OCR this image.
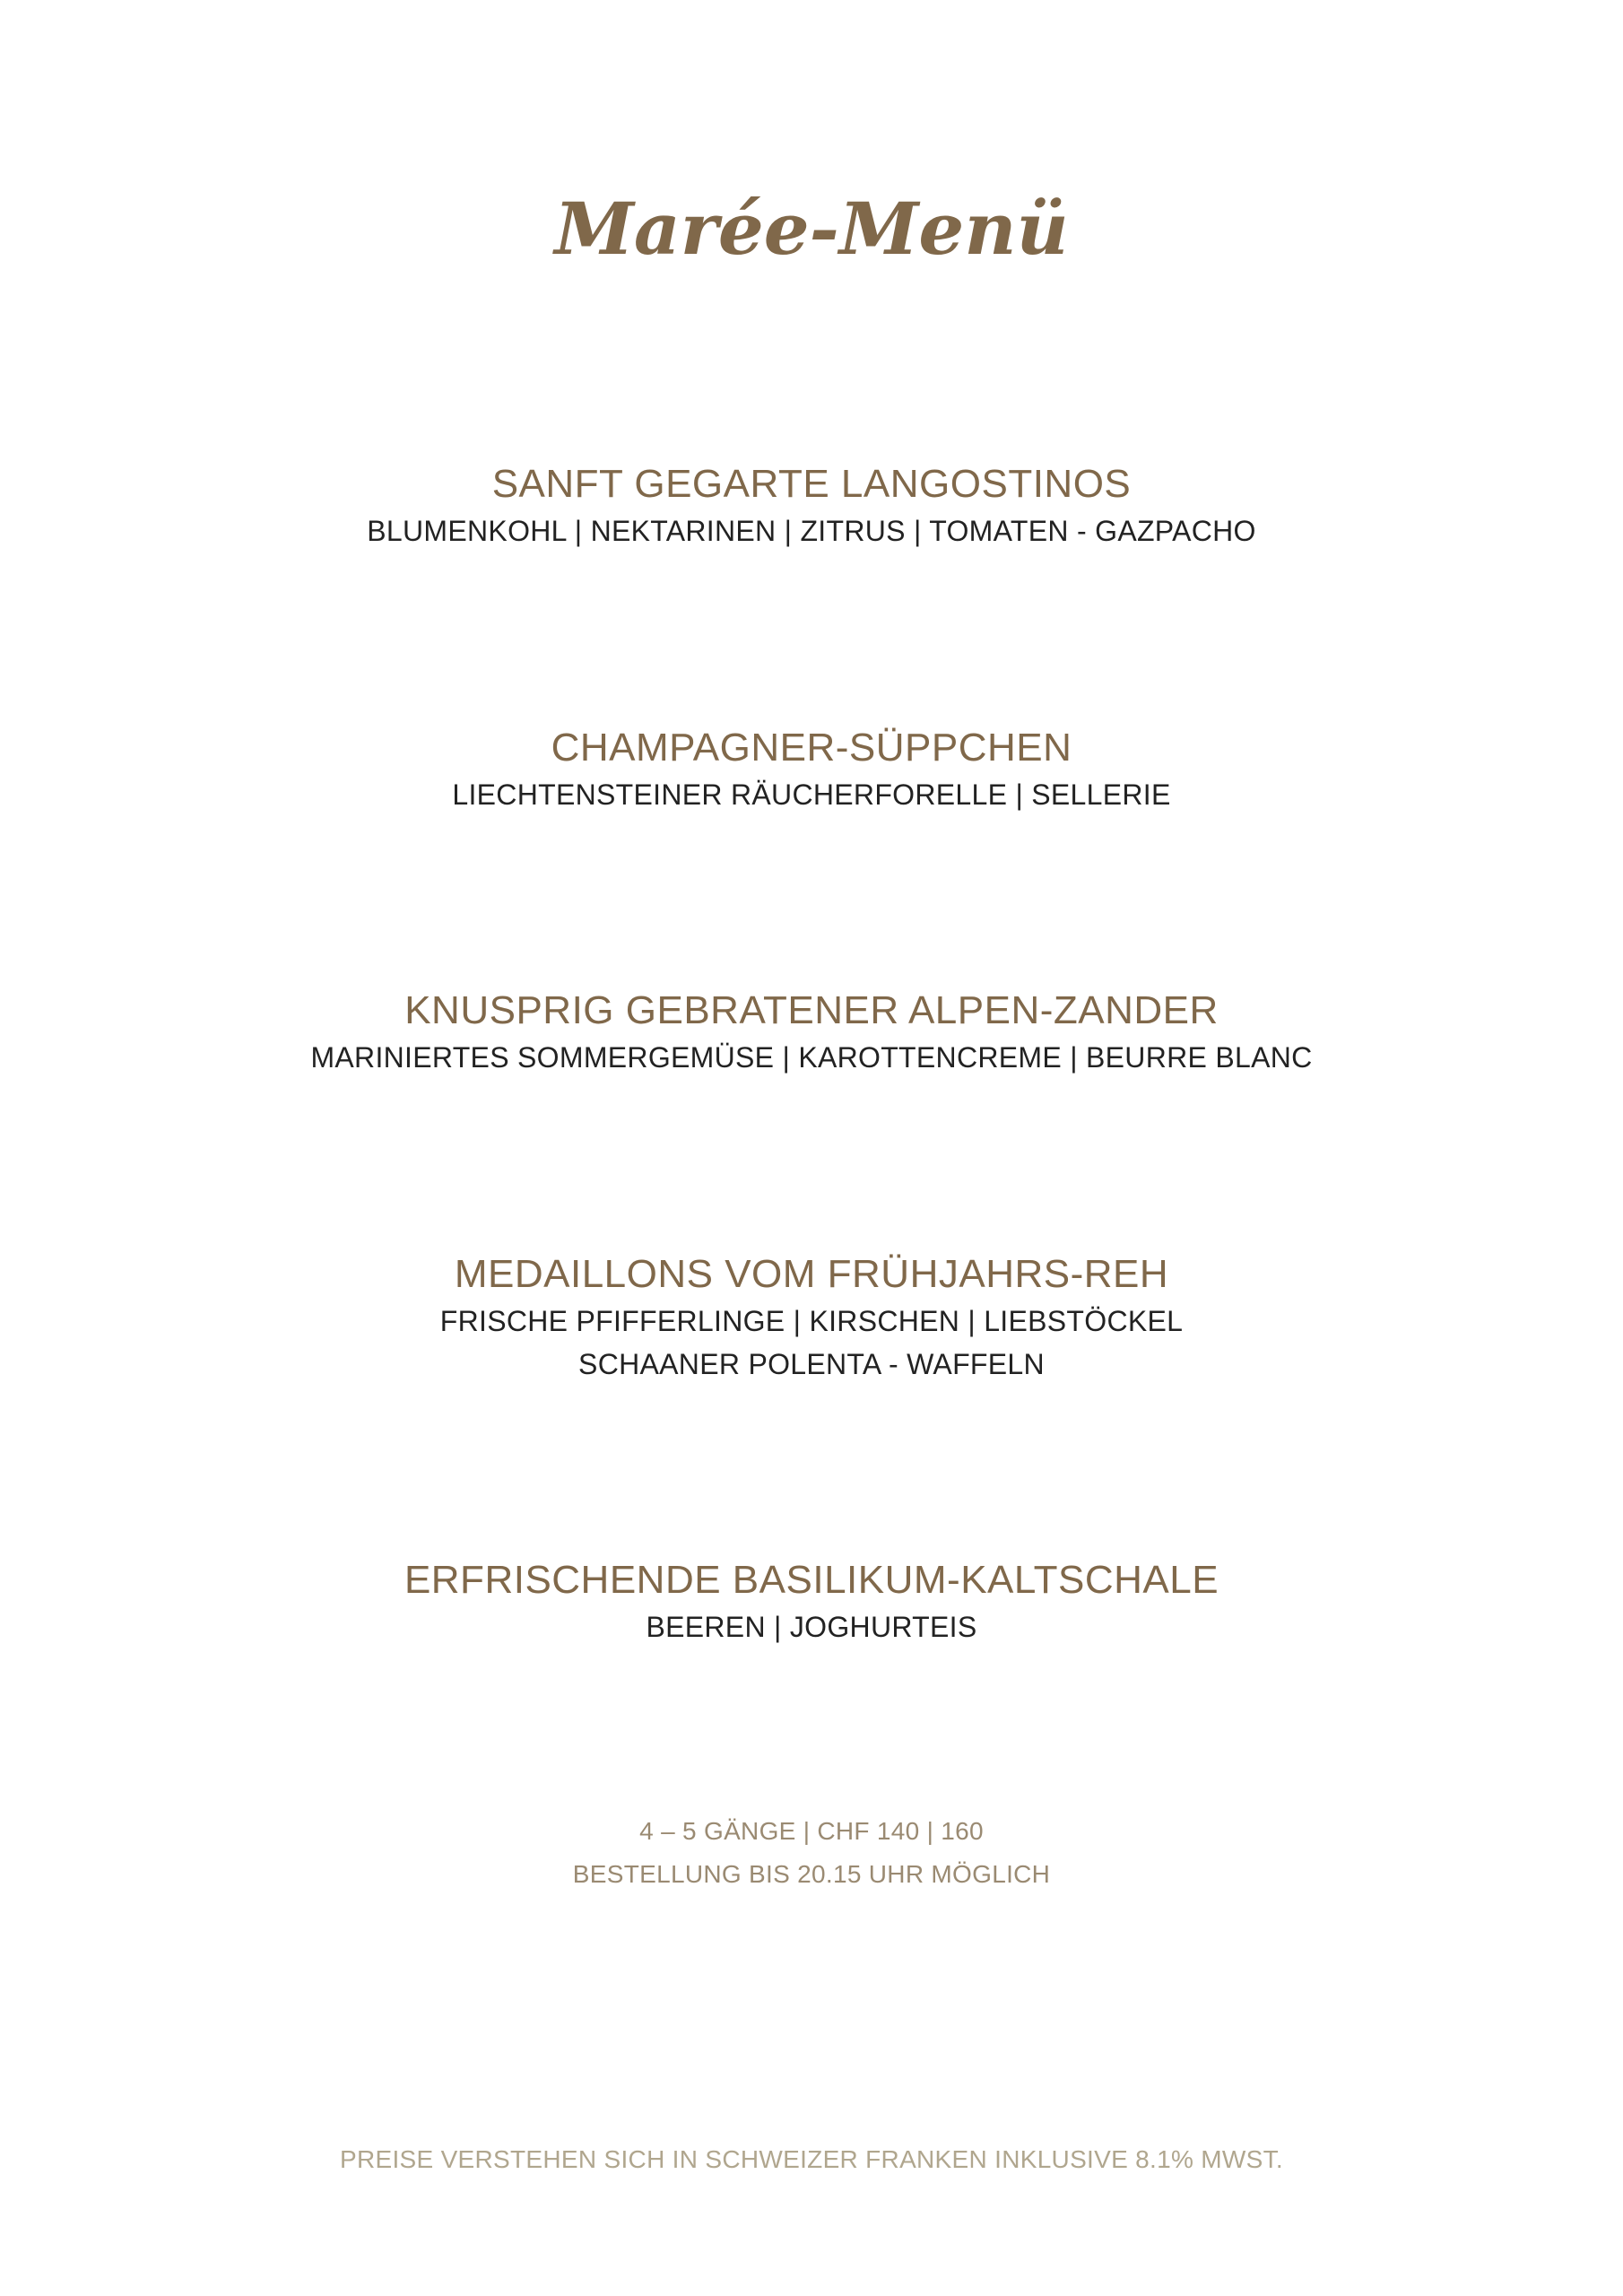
Marée-Menü
SANFT GEGARTE LANGOSTINOS
BLUMENKOHL | NEKTARINEN | ZITRUS | TOMATEN - GAZPACHO
CHAMPAGNER-SÜPPCHEN
LIECHTENSTEINER RÄUCHERFORELLE | SELLERIE
KNUSPRIG GEBRATENER ALPEN-ZANDER
MARINIERTES SOMMERGEMÜSE | KAROTTENCREME | BEURRE BLANC
MEDAILLONS VOM FRÜHJAHRS-REH
FRISCHE PFIFFERLINGE | KIRSCHEN | LIEBSTÖCKEL
SCHAANER POLENTA - WAFFELN
ERFRISCHENDE BASILIKUM-KALTSCHALE
BEEREN | JOGHURTEIS
4 – 5 GÄNGE | CHF 140 | 160
BESTELLUNG BIS 20.15 UHR MÖGLICH
PREISE VERSTEHEN SICH IN SCHWEIZER FRANKEN INKLUSIVE 8.1% MWST.
